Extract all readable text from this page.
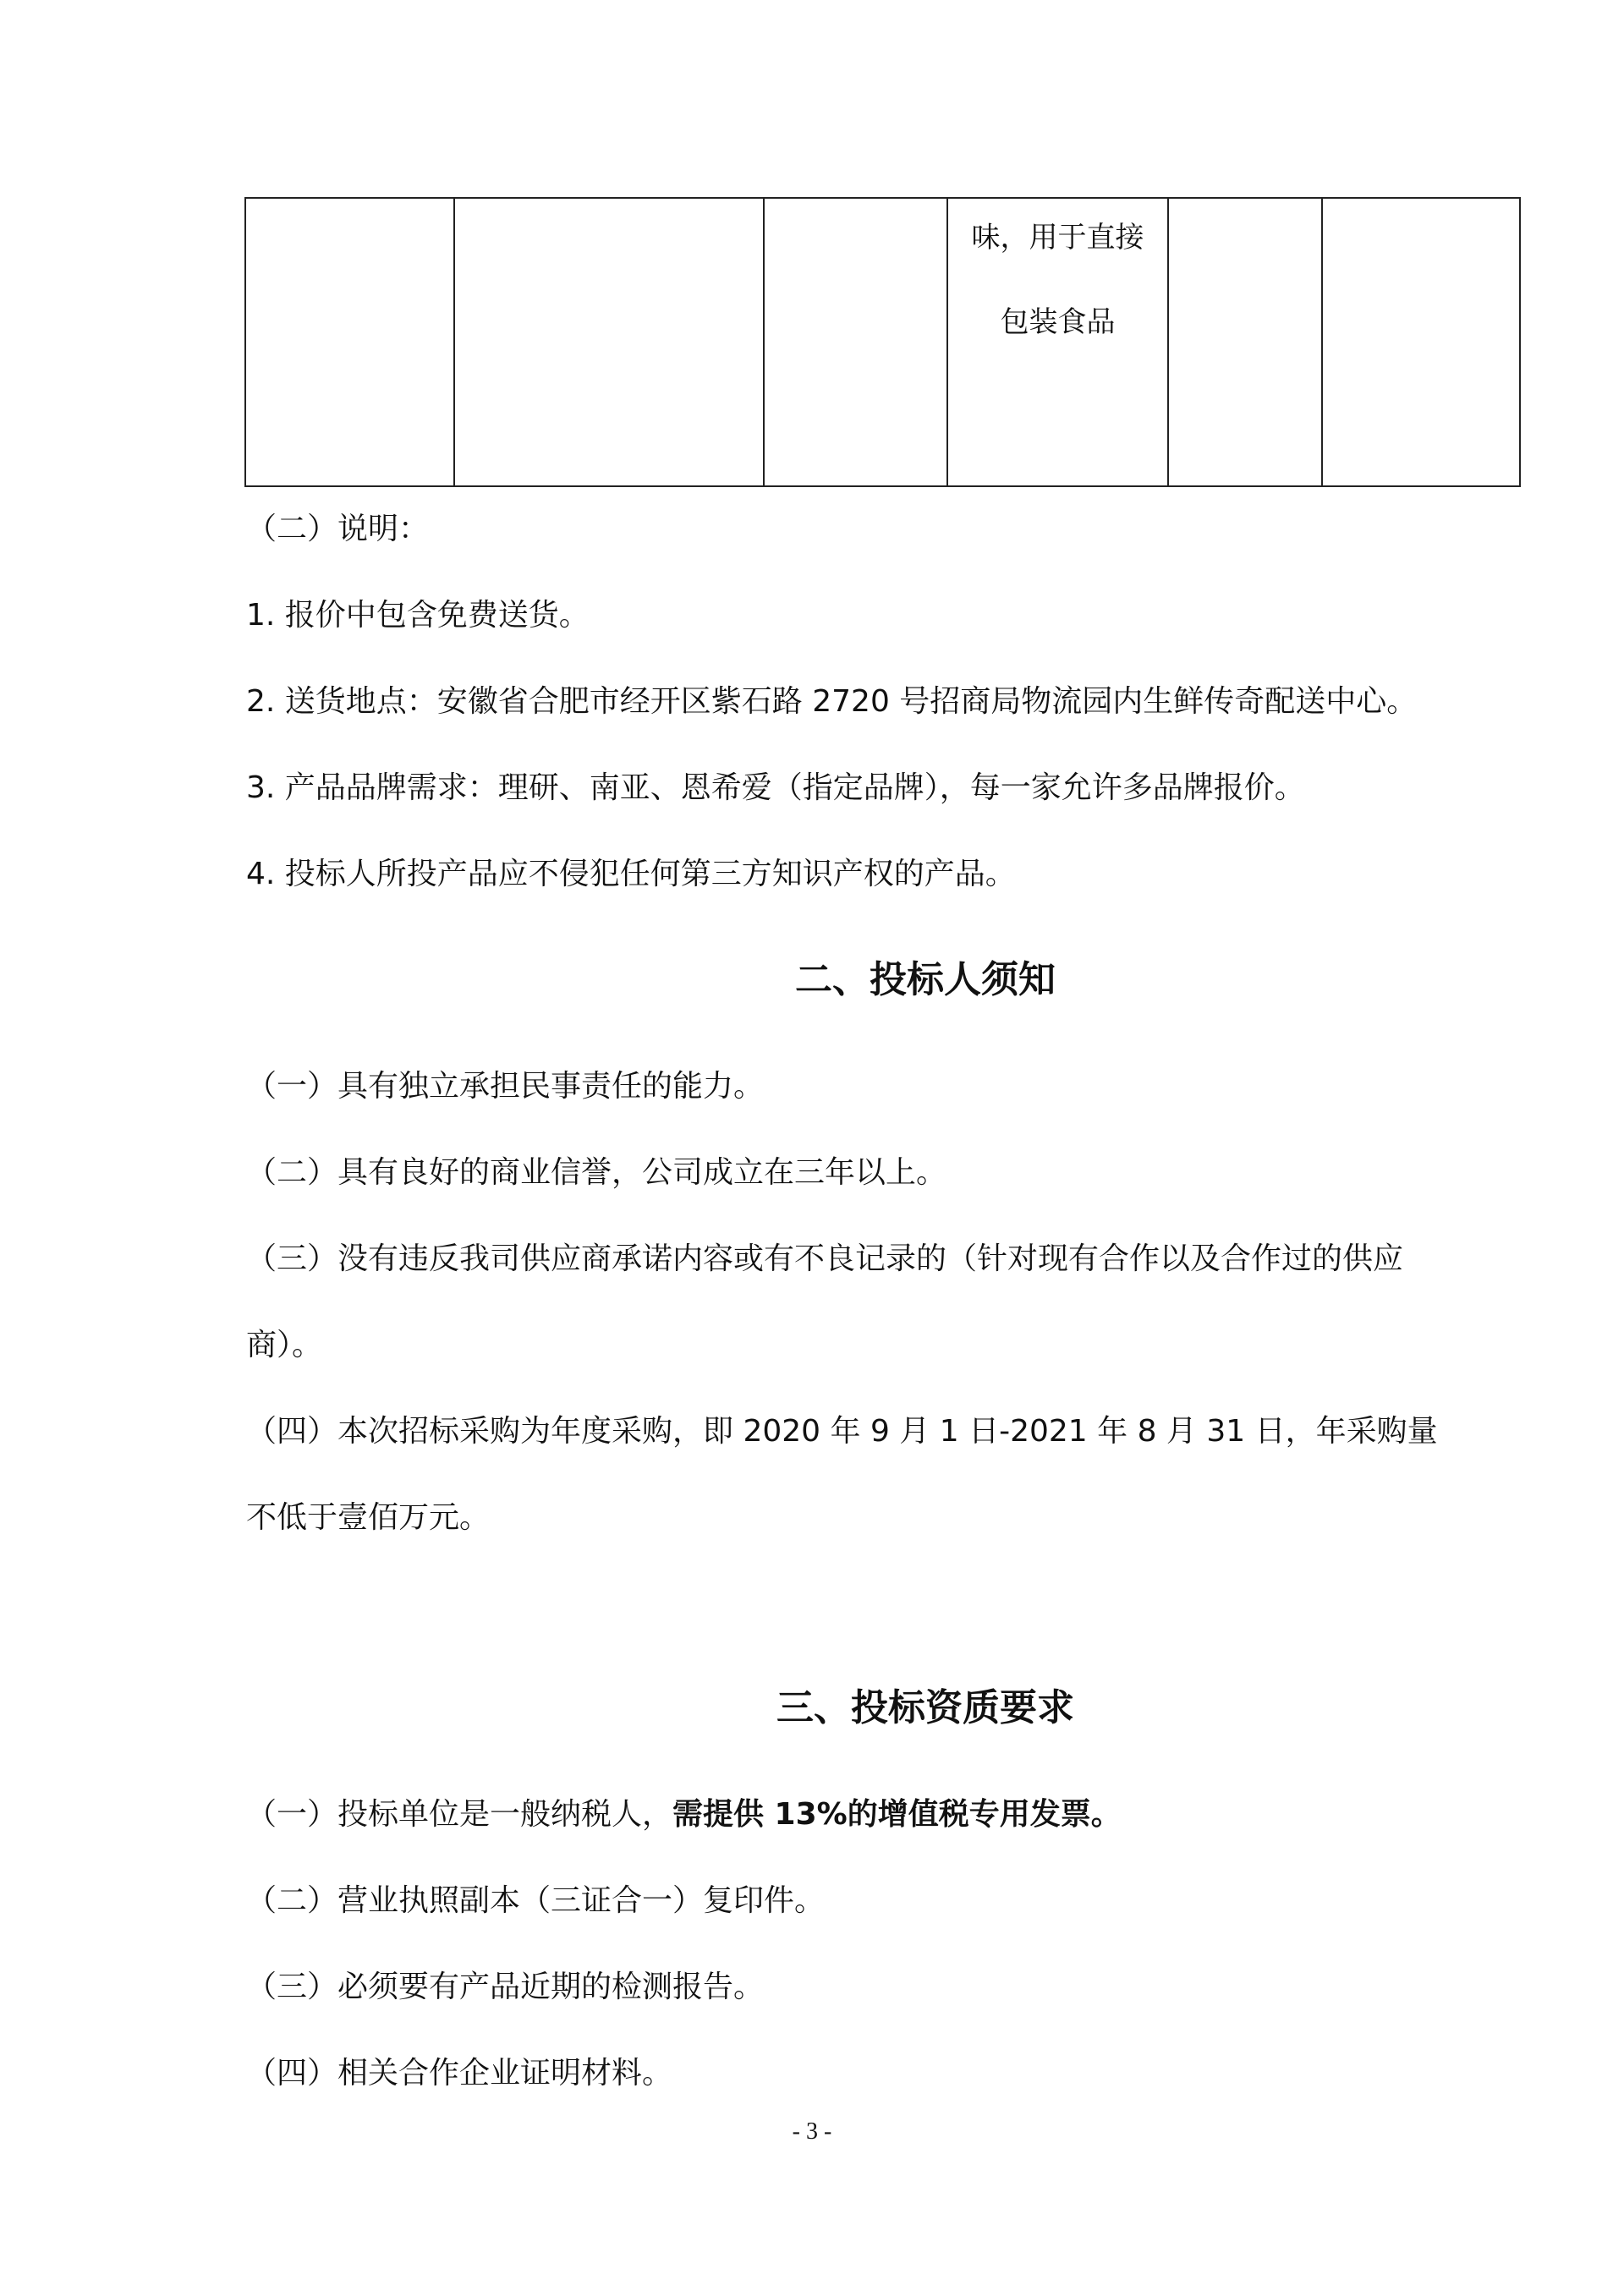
味，用于直接
包装食品

（二）说明：
1. 报价中包含免费送货。
2. 送货地点：安徽省合肥市经开区紫石路 2720 号招商局物流园内生鲜传奇配送中心。
3. 产品品牌需求：理研、南亚、恩希爱（指定品牌），每一家允许多品牌报价。
4. 投标人所投产品应不侵犯任何第三方知识产权的产品。
二、投标人须知
（一）具有独立承担民事责任的能力。
（二）具有良好的商业信誉，公司成立在三年以上。
（三）没有违反我司供应商承诺内容或有不良记录的（针对现有合作以及合作过的供应
商）。
（四）本次招标采购为年度采购，即 2020 年 9 月 1 日-2021 年 8 月 31 日，年采购量
不低于壹佰万元。
三、投标资质要求
（一）投标单位是一般纳税人，需提供 13%的增值税专用发票。
（二）营业执照副本（三证合一）复印件。
（三）必须要有产品近期的检测报告。
（四）相关合作企业证明材料。
- 3 -
